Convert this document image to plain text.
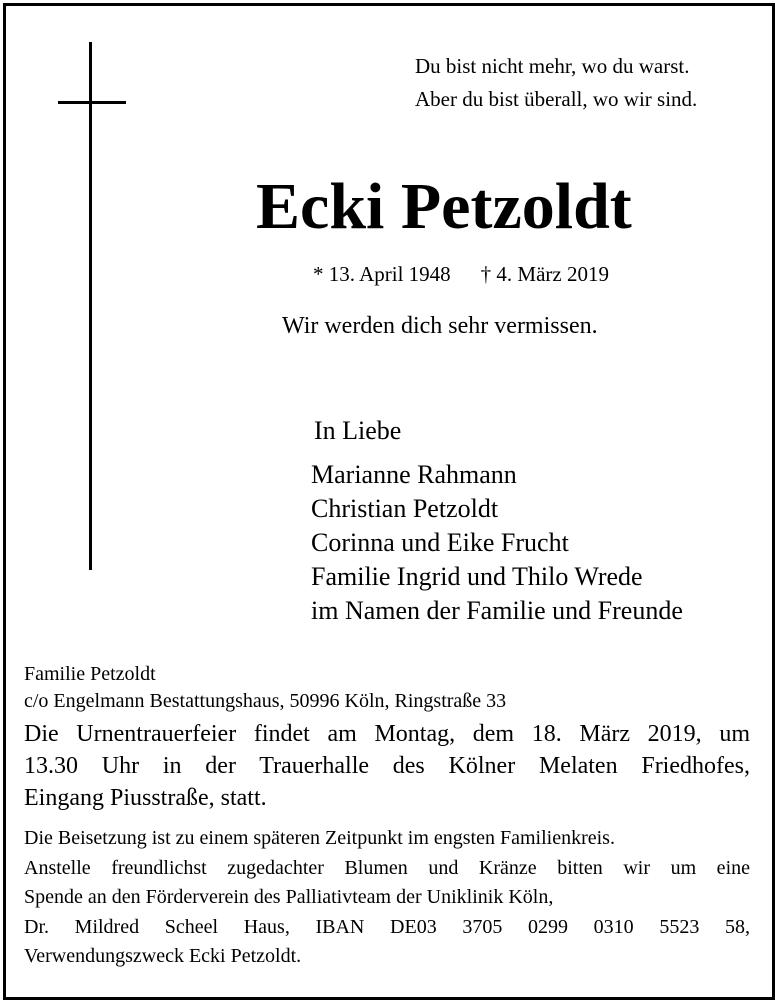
Du bist nicht mehr, wo du warst.
Aber du bist überall, wo wir sind.
Ecki Petzoldt
* 13. April 1948 † 4. März 2019
Wir werden dich sehr vermissen.
In Liebe
Marianne Rahmann
Christian Petzoldt
Corinna und Eike Frucht
Familie Ingrid und Thilo Wrede
im Namen der Familie und Freunde
Familie Petzoldt
c/o Engelmann Bestattungshaus, 50996 Köln, Ringstraße 33
Die Urnentrauerfeier findet am Montag, dem 18. März 2019, um
13.30 Uhr in der Trauerhalle des Kölner Melaten Friedhofes,
Eingang Piusstraße, statt.
Die Beisetzung ist zu einem späteren Zeitpunkt im engsten Familienkreis.
Anstelle freundlichst zugedachter Blumen und Kränze bitten wir um eine
Spende an den Förderverein des Palliativteam der Uniklinik Köln,
Dr. Mildred Scheel Haus, IBAN DE03 3705 0299 0310 5523 58,
Verwendungszweck Ecki Petzoldt.
